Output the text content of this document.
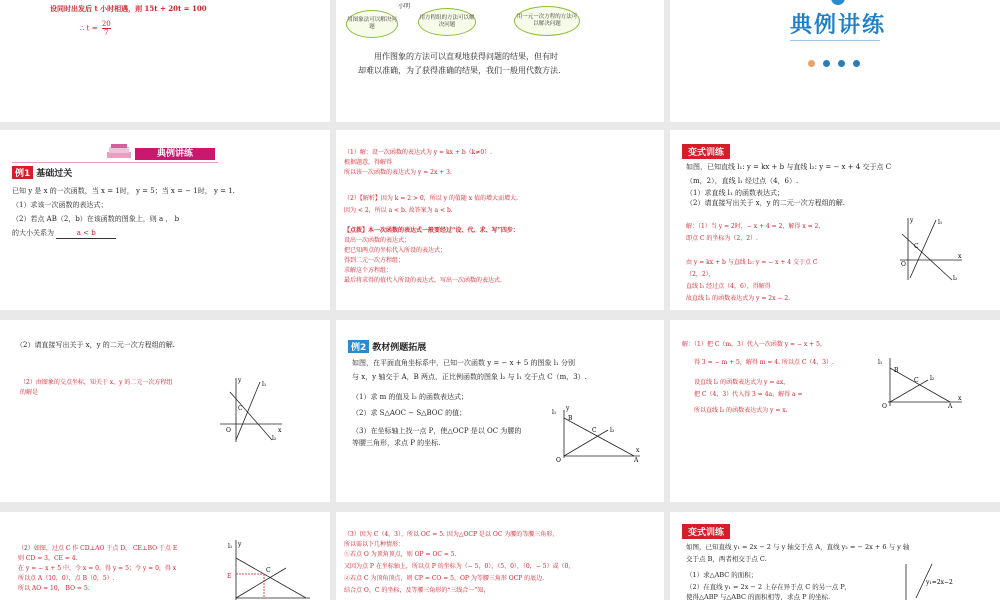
设同时出发后 t 小时相遇，则 15t + 20t = 100
∴ $t = \frac{20}{7}$
小明
用图象法可以解决问题
用方程组的方法可以解决问题
用一元一次方程的方法可以解决问题
用作图象的方法可以直观地获得问题的结果，但有时
却难以准确，为了获得准确的结果，我们一般用代数方法.
典例讲练
典例讲练
例1 基础过关
已知 y 是 x 的一次函数，当 x = 1时， y = 5；当 x = − 1时， y = 1.
（1）求该一次函数的表达式；
（2）若点 AB（2，b）在该函数的图象上，则 a ， b
的大小关系为	a < b
（1）解：设一次函数的表达式为 y = kx + b（k≠0）.
根据题意，得解得
所以该一次函数的表达式为 y = 2x + 3.
（2）【解析】因为 k = 2 > 0，所以 y 的值随 x 值的增大而增大.
因为 < 2，所以 a < b. 故答案为 a < b.
【点拨】本一次函数的表达式一般要经过“设、代、求、写”四步：
设出一次函数的表达式；
把已知两点的坐标代入所设的表达式；
得到二元一次方程组；
求解这个方程组；
最后将求得的值代入所设的表达式，写出一次函数的表达式.
变式训练
如图，已知直线 l₁: y = kx + b 与直线 l₂: y = − x + 4 交于点 C
（m，2），直线 l₁ 经过点（4，6）.
（1）求直线 l₁ 的函数表达式；
（2）请直接写出关于 x，y 的二元一次方程组的解.
解：（1）当 y = 2时，− x + 4 = 2，解得 x = 2，
即点 C 的坐标为（2，2）.
由 y = kx + b 与直线 l₂: y = − x + 4 交于点 C
（2，2），
直线 l₁ 经过点（4，6），得解得
故直线 l₁ 的函数表达式为 y = 2x − 2.
l₁
l₂
C
O
y
x
（2）请直接写出关于 x，y 的二元一次方程组的解.
（2）由图象的交点坐标，知关于 x，y 的二元一次方程组
的解是
l₁
l₂
C
O
y
x
例2 教材例题拓展
如图，在平面直角坐标系中，已知一次函数 y = − x + 5 的图象 l₁ 分别
与 x，y 轴交于 A，B 两点，正比例函数的图象 l₂ 与 l₁ 交于点 C（m，3）.
（1）求 m 的值及 l₂ 的函数表达式；
（2）求 S△AOC − S△BOC 的值；
（3）在坐标轴上找一点 P，使△OCP 是以 OC 为腰的
等腰三角形，求点 P 的坐标.
l₁
l₂
B
C
A
O
y
x
解：（1）把 C（m，3）代入一次函数 y = − x + 5，
得 3 = − m + 5，解得 m = 4. 所以点 C（4，3）.
设直线 l₂ 的函数表达式为 y = ax，
把 C（4，3）代入得 3 = 4a，解得 a =
所以直线 l₂ 的函数表达式为 y = x.
l₁
l₂
B
C
A
O
x
（2）如图，过点 C 作 CD⊥AO 于点 D， CE⊥BO 于点 E
则 CD = 3，CE = 4.
在 y = − x + 5 中，令 x = 0，得 y = 5；令 y = 0，得 x
所以点 A（10，0），点 B（0，5）.
所以 AO = 10， BO = 5.
l₁
E
C
y
（3）因为 C（4，3），所以 OC = 5. 因为△OCP 是以 OC 为腰的等腰三角形，
所以需以下几种情形：
①若点 O 为顶角顶点，则 OP = OC = 5.
又因为点 P 在坐标轴上，所以点 P 的坐标为（− 5，0），（5，0），（0，− 5）或（0，
②若点 C 为顶角顶点，则 CP = CO = 5，OP 为等腰三角形 OCP 的底边.
结合点 O，C 的坐标，及等腰三角形的“三线合一”知，
变式训练
如图，已知直线 y₁ = 2x − 2 与 y 轴交于点 A，直线 y₂ = − 2x + 6 与 y 轴
交于点 B，两者相交于点 C.
（1）求△ABC 的面积；
（2）在直线 y₁ = 2x − 2 上存在异于点 C 的另一点 P，
使得△ABP 与△ABC 的面积相等，求点 P 的坐标.
y₁=2x−2
